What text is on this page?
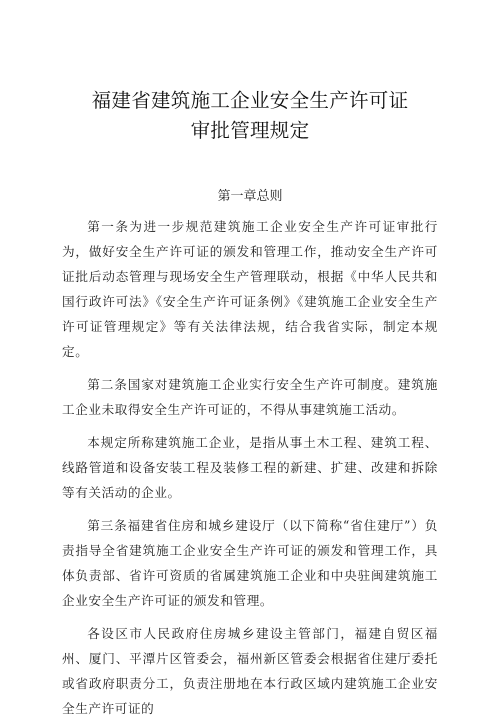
福建省建筑施工企业安全生产许可证
审批管理规定
第一章总则

第一条为进一步规范建筑施工企业安全生产许可证审批行为，做好安全生产许可证的颁发和管理工作，推动安全生产许可证批后动态管理与现场安全生产管理联动，根据《中华人民共和国行政许可法》《安全生产许可证条例》《建筑施工企业安全生产许可证管理规定》等有关法律法规，结合我省实际，制定本规定。

第二条国家对建筑施工企业实行安全生产许可制度。建筑施工企业未取得安全生产许可证的，不得从事建筑施工活动。

本规定所称建筑施工企业，是指从事土木工程、建筑工程、线路管道和设备安装工程及装修工程的新建、扩建、改建和拆除等有关活动的企业。

第三条福建省住房和城乡建设厅（以下简称“省住建厅”）负责指导全省建筑施工企业安全生产许可证的颁发和管理工作，具体负责部、省许可资质的省属建筑施工企业和中央驻闽建筑施工企业安全生产许可证的颁发和管理。

各设区市人民政府住房城乡建设主管部门，福建自贸区福州、厦门、平潭片区管委会，福州新区管委会根据省住建厅委托或省政府职责分工，负责注册地在本行政区域内建筑施工企业安全生产许可证的
